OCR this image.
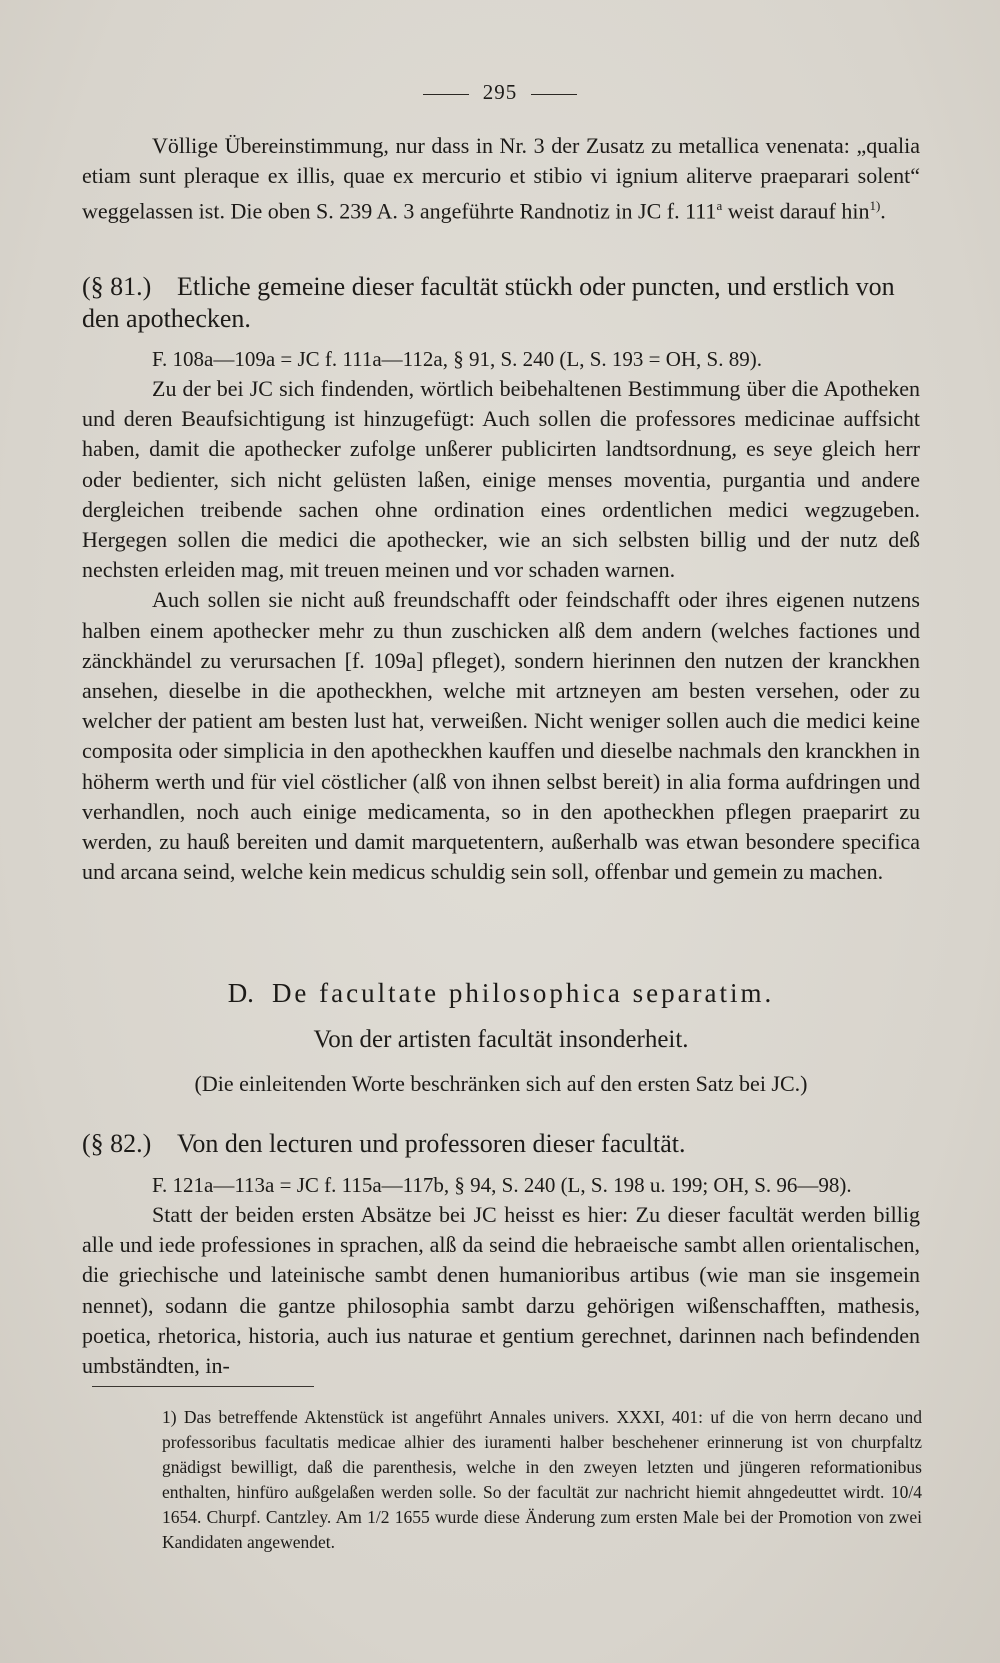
295

Völlige Übereinstimmung, nur dass in Nr. 3 der Zusatz zu metallica venenata: „qualia etiam sunt pleraque ex illis, quae ex mercurio et stibio vi ignium aliterve praeparari solent“ weggelassen ist. Die oben S. 239 A. 3 angeführte Randnotiz in JC f. 111$^a$ weist darauf hin$^{1)}$.

(§ 81.) Etliche gemeine dieser facultät stückh oder puncten, und erstlich von den apothecken.

F. 108a—109a = JC f. 111a—112a, § 91, S. 240 (L, S. 193 = OH, S. 89).

Zu der bei JC sich findenden, wörtlich beibehaltenen Bestimmung über die Apotheken und deren Beaufsichtigung ist hinzugefügt: Auch sollen die professores medicinae auffsicht haben, damit die apothecker zufolge unßerer publicirten landtsordnung, es seye gleich herr oder bedienter, sich nicht gelüsten laßen, einige menses moventia, purgantia und andere dergleichen treibende sachen ohne ordination eines ordentlichen medici wegzugeben. Hergegen sollen die medici die apothecker, wie an sich selbsten billig und der nutz deß nechsten erleiden mag, mit treuen meinen und vor schaden warnen.

Auch sollen sie nicht auß freundschafft oder feindschafft oder ihres eigenen nutzens halben einem apothecker mehr zu thun zuschicken alß dem andern (welches factiones und zänckhändel zu verursachen [f. 109a] pfleget), sondern hierinnen den nutzen der kranckhen ansehen, dieselbe in die apotheckhen, welche mit artzneyen am besten versehen, oder zu welcher der patient am besten lust hat, verweißen. Nicht weniger sollen auch die medici keine composita oder simplicia in den apotheckhen kauffen und dieselbe nachmals den kranckhen in höherm werth und für viel cöstlicher (alß von ihnen selbst bereit) in alia forma aufdringen und verhandlen, noch auch einige medicamenta, so in den apotheckhen pflegen praeparirt zu werden, zu hauß bereiten und damit marquetentern, außerhalb was etwan besondere specifica und arcana seind, welche kein medicus schuldig sein soll, offenbar und gemein zu machen.

D. De facultate philosophica separatim.
Von der artisten facultät insonderheit.
(Die einleitenden Worte beschränken sich auf den ersten Satz bei JC.)
(§ 82.) Von den lecturen und professoren dieser facultät.

F. 121a—113a = JC f. 115a—117b, § 94, S. 240 (L, S. 198 u. 199; OH, S. 96—98).

Statt der beiden ersten Absätze bei JC heisst es hier: Zu dieser facultät werden billig alle und iede professiones in sprachen, alß da seind die hebraeische sambt allen orientalischen, die griechische und lateinische sambt denen humanioribus artibus (wie man sie insgemein nennet), sodann die gantze philosophia sambt darzu gehörigen wißenschafften, mathesis, poetica, rhetorica, historia, auch ius naturae et gentium gerechnet, darinnen nach befindenden umbständten, in-

1) Das betreffende Aktenstück ist angeführt Annales univers. XXXI, 401: uf die von herrn decano und professoribus facultatis medicae alhier des iuramenti halber beschehener erinnerung ist von churpfaltz gnädigst bewilligt, daß die parenthesis, welche in den zweyen letzten und jüngeren reformationibus enthalten, hinfüro außgelaßen werden solle. So der facultät zur nachricht hiemit ahngedeuttet wirdt. 10/4 1654. Churpf. Cantzley. Am 1/2 1655 wurde diese Änderung zum ersten Male bei der Promotion von zwei Kandidaten angewendet.
